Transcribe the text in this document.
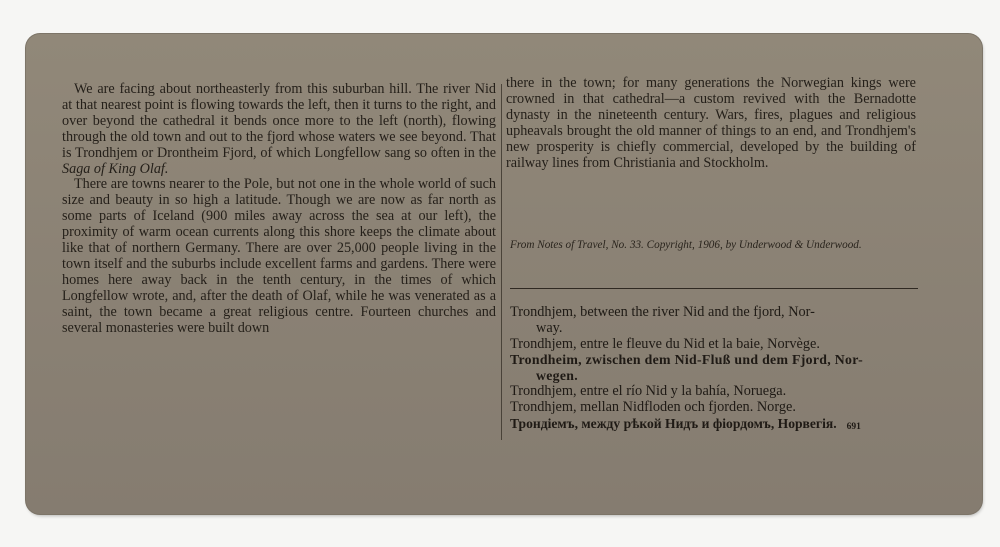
We are facing about northeasterly from this suburban hill. The river Nid at that nearest point is flowing towards the left, then it turns to the right, and over beyond the cathedral it bends once more to the left (north), flowing through the old town and out to the fjord whose waters we see beyond. That is Trondhjem or Drontheim Fjord, of which Longfellow sang so often in the Saga of King Olaf.

There are towns nearer to the Pole, but not one in the whole world of such size and beauty in so high a latitude. Though we are now as far north as some parts of Iceland (900 miles away across the sea at our left), the proximity of warm ocean currents along this shore keeps the climate about like that of northern Germany. There are over 25,000 people living in the town itself and the suburbs include excellent farms and gardens. There were homes here away back in the tenth century, in the times of which Longfellow wrote, and, after the death of Olaf, while he was venerated as a saint, the town became a great religious centre. Fourteen churches and several monasteries were built down

there in the town; for many generations the Norwegian kings were crowned in that cathedral—a custom revived with the Bernadotte dynasty in the nineteenth century. Wars, fires, plagues and religious upheavals brought the old manner of things to an end, and Trondhjem's new prosperity is chiefly commercial, developed by the building of railway lines from Christiania and Stockholm.

From Notes of Travel, No. 33. Copyright, 1906, by Underwood & Underwood.

Trondhjem, between the river Nid and the fjord, Nor-
way.

Trondhjem, entre le fleuve du Nid et la baie, Norvège.

Trondheim, zwischen dem Nid-Fluß und dem Fjord, Nor-
wegen.

Trondhjem, entre el río Nid y la bahía, Noruega.

Trondhjem, mellan Nidfloden och fjorden. Norge.

Трондіемъ, между рѣкой Нидъ и фіордомъ, Норвегія. 691
